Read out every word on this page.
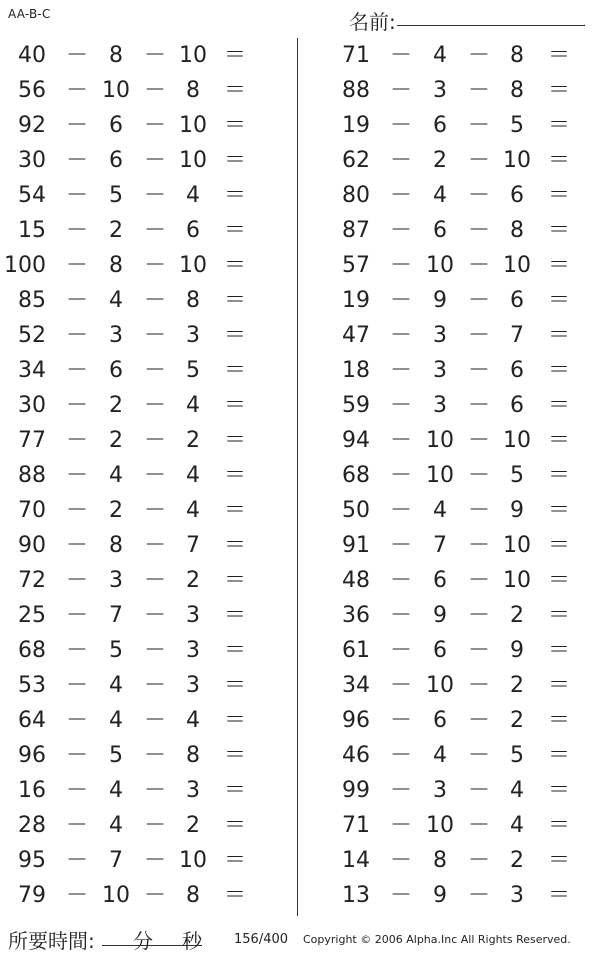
AA-B-C	名前:	.
40 － 8 － 10 ＝
56 － 10 － 8	＝
92 － 6 － 10 ＝
30 － 6 － 10 ＝
54 － 5 － 4	＝
15 － 2 － 6	＝
100 － 8 － 10 ＝
85 － 4 － 8	＝
52 － 3 － 3	＝
34 － 6 － 5	＝
30 － 2 － 4	＝
77 － 2 － 2	＝
88 － 4 － 4	＝
70 － 2 － 4	＝
90 － 8 － 7	＝
72 － 3 － 2	＝
25 － 7 － 3	＝
68 － 5 － 3	＝
53 － 4 － 3	＝
64 － 4 － 4	＝
96 － 5 － 8	＝
16 － 4 － 3	＝
28 － 4 － 2	＝
95 － 7 － 10 ＝
79 － 10 － 8	＝
71 － 4 － 8	＝
88 － 3 － 8	＝
19 － 6 － 5	＝
62 － 2 － 10 ＝
80 － 4 － 6	＝
87 － 6 － 8	＝
57 － 10 － 10 ＝
19 － 9 － 6	＝
47 － 3 － 7	＝
18 － 3 － 6	＝
59 － 3 － 6	＝
94 － 10 － 10 ＝
68 － 10 － 5	＝
50 － 4 － 9	＝
91 － 7 － 10 ＝
48 － 6 － 10 ＝
36 － 9 － 2	＝
61 － 6 － 9	＝
34 － 10 － 2	＝
96 － 6 － 2	＝
46 － 4 － 5	＝
99 － 3 － 4	＝
71 － 10 － 4	＝
14 － 8 － 2	＝
13 － 9 － 3	＝
所要時間: 分 秒 156/400 Copyright © 2006 Alpha.Inc All Rights Reserved.
